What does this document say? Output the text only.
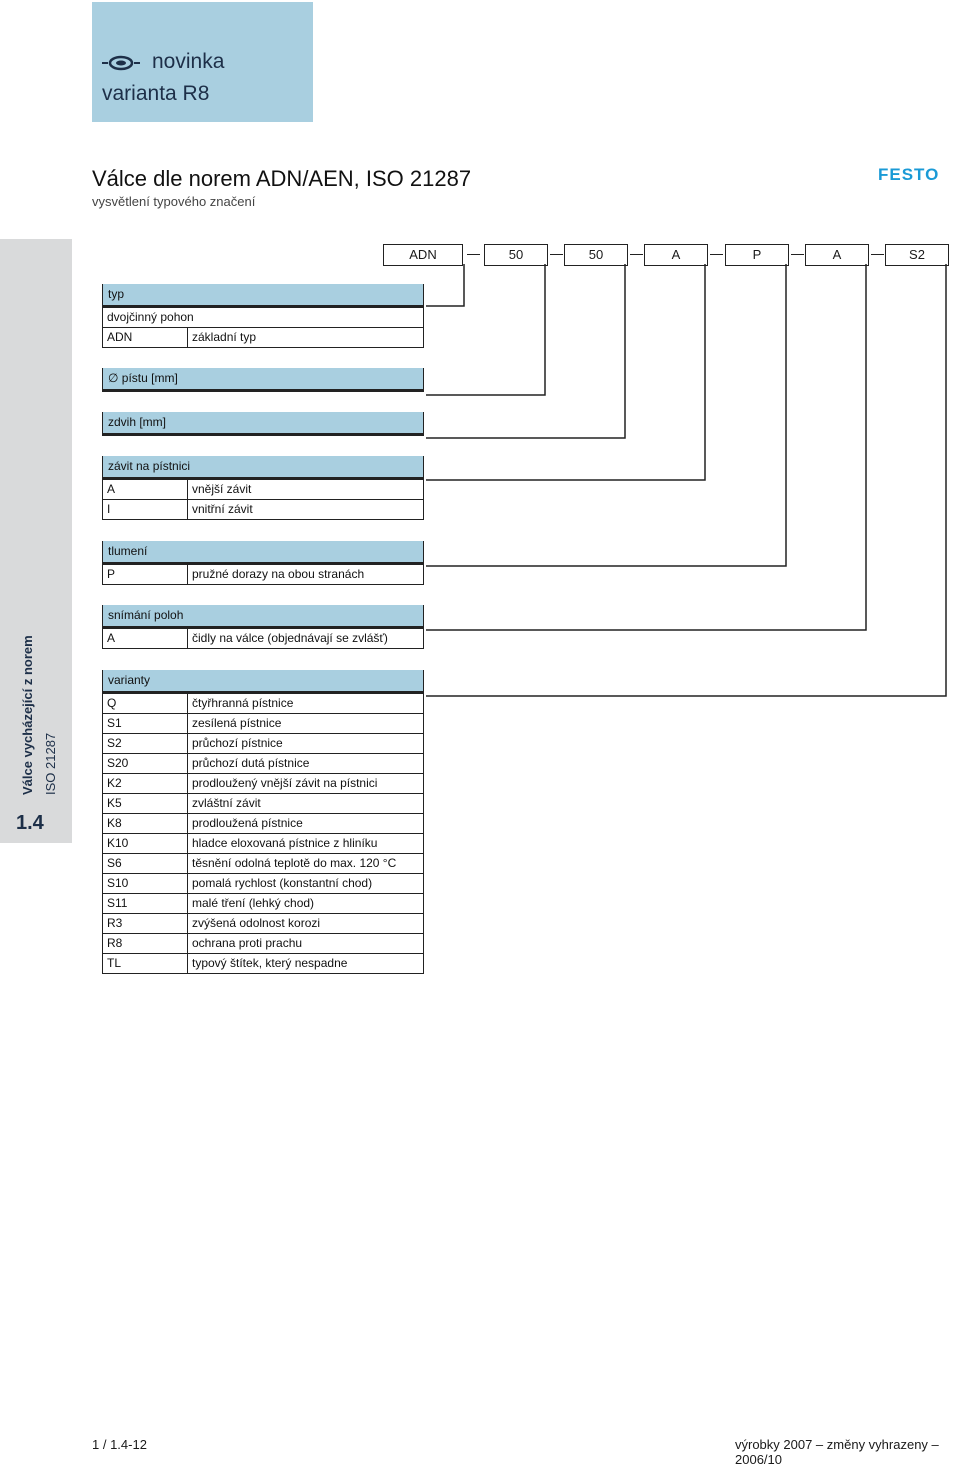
novinka
varianta R8
Válce dle norem ADN/AEN, ISO 21287
vysvětlení typového značení
FESTO
Válce vycházející z norem ISO 21287
1.4
ADN	50	50	A	P	A	S2
typ
dvojčinný pohon
ADN	základní typ
∅ pístu [mm]
zdvih [mm]
závit na pístnici
A	vnější závit
I	vnitřní závit
tlumení
P	pružné dorazy na obou stranách
snímání poloh
A	čidly na válce (objednávají se zvlášť)
varianty
Q	čtyřhranná pístnice
S1	zesílená pístnice
S2	průchozí pístnice
S20	průchozí dutá pístnice
K2	prodloužený vnější závit na pístnici
K5	zvláštní závit
K8	prodloužená pístnice
K10	hladce eloxovaná pístnice z hliníku
S6	těsnění odolná teplotě do max. 120 °C
S10	pomalá rychlost (konstantní chod)
S11	malé tření (lehký chod)
R3	zvýšená odolnost korozi
R8	ochrana proti prachu
TL	typový štítek, který nespadne
1 / 1.4-12	výrobky 2007 – změny vyhrazeny – 2006/10
